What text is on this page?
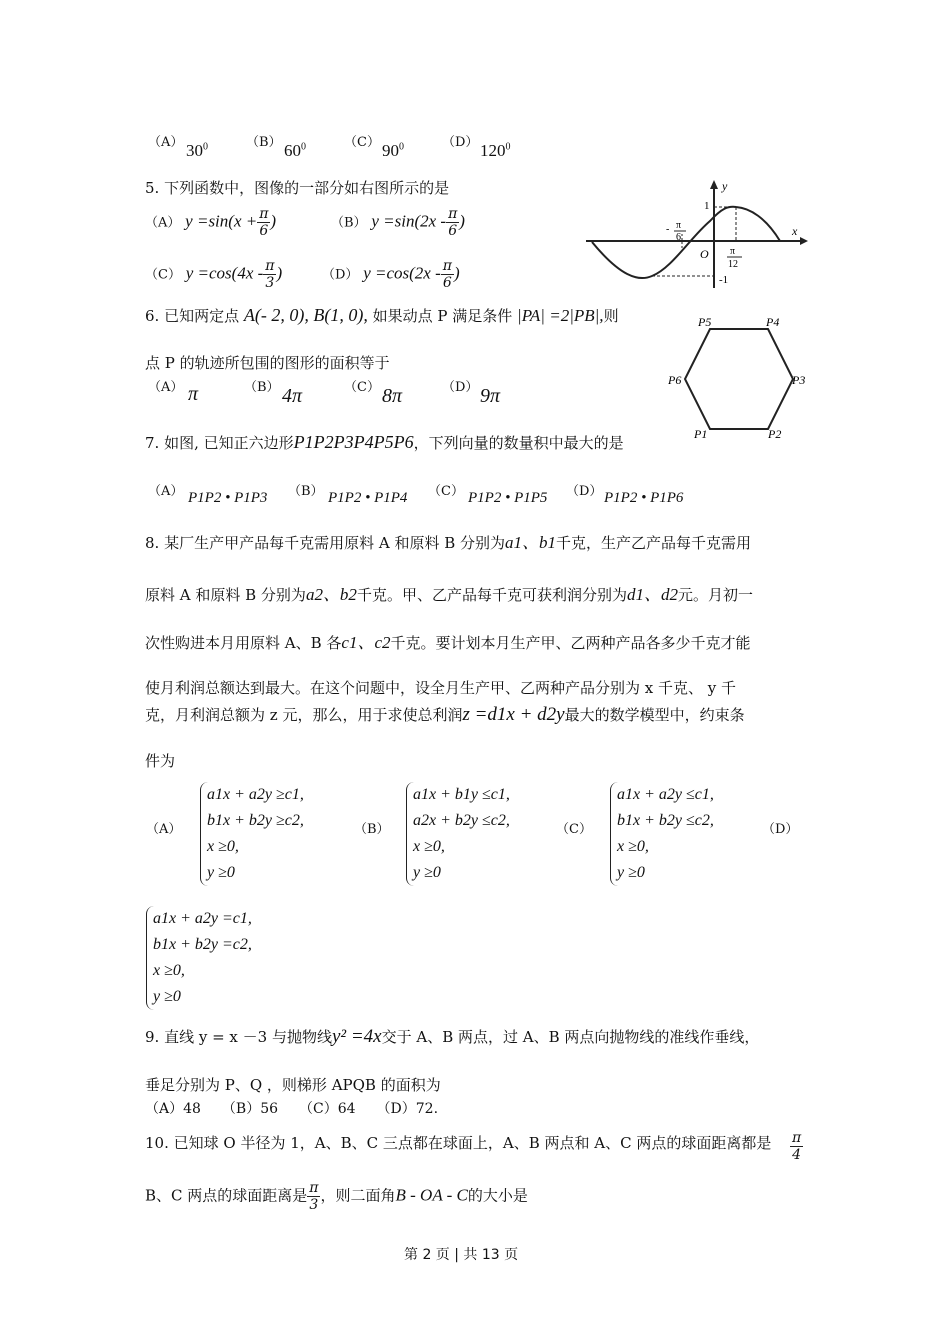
（A） $30^0$	（B） $60^0$	（C） $90^0$	（D） $120^0$
5. 下列函数中，图像的一部分如右图所示的是
（A） $y =\sin(x + \frac{\pi}{6}$ )	（B） $y =\sin(2x - \frac{\pi}{6}$ )
（C） $y =\cos(4x - \frac{\pi}{3}$ )	（D） $y =\cos(2x - \frac{\pi}{6}$ )
y
x
1
-1
O
- π
6
π
12
6. 已知两定点 A(- 2, 0), B(1, 0), 如果动点 P 满足条件 |PA| =2|PB|,则
点 P 的轨迹所包围的图形的面积等于
（A） π	（B） 4π	（C） 8π	（D） 9π
P1	P2
P3
P4
P5
P6
7. 如图, 已知正六边形P1P2P3P4P5P6，下列向量的数量积中最大的是
（A） P1P2 • P1P3 （B） P1P2 • P1P4 （C） P1P2 • P1P5 （D） P1P2 • P1P6
8. 某厂生产甲产品每千克需用原料 A 和原料 B 分别为a1、b1千克，生产乙产品每千克需用
原料 A 和原料 B 分别为a2、b2千克。甲、乙产品每千克可获利润分别为d1、d2元。月初一
次性购进本月用原料 A、B 各c1、c2千克。要计划本月生产甲、乙两种产品各多少千克才能
使月利润总额达到最大。在这个问题中，设全月生产甲、乙两种产品分别为 x 千克、 y 千
克，月利润总额为 z 元，那么，用于求使总利润z =d1x + d2y最大的数学模型中，约束条
件为
（A）
a1x + a2y ≥c1,
b1x + b2y ≥c2,
x ≥0,
y ≥0
（B）
a1x + b1y ≤c1,
a2x + b2y ≤c2,
x ≥0,
y ≥0
（C）
a1x + a2y ≤c1,
b1x + b2y ≤c2,
x ≥0,
y ≥0
（D）
a1x + a2y =c1,
b1x + b2y =c2,
x ≥0,
y ≥0
9. 直线 y = x －3 与抛物线y² =4x交于 A、B 两点，过 A、B 两点向抛物线的准线作垂线，
垂足分别为 P、Q ，则梯形 APQB 的面积为
（A）48　　（B）56　　（C）64　　（D）72.
10. 已知球 O 半径为 1，A、B、C 三点都在球面上，A、B 两点和 A、C 两点的球面距离都是 $\frac{\pi}{4}$
B、C 两点的球面距离是 $\frac{\pi}{3}$ ，则二面角B - OA - C的大小是
第 2 页 | 共 13 页
